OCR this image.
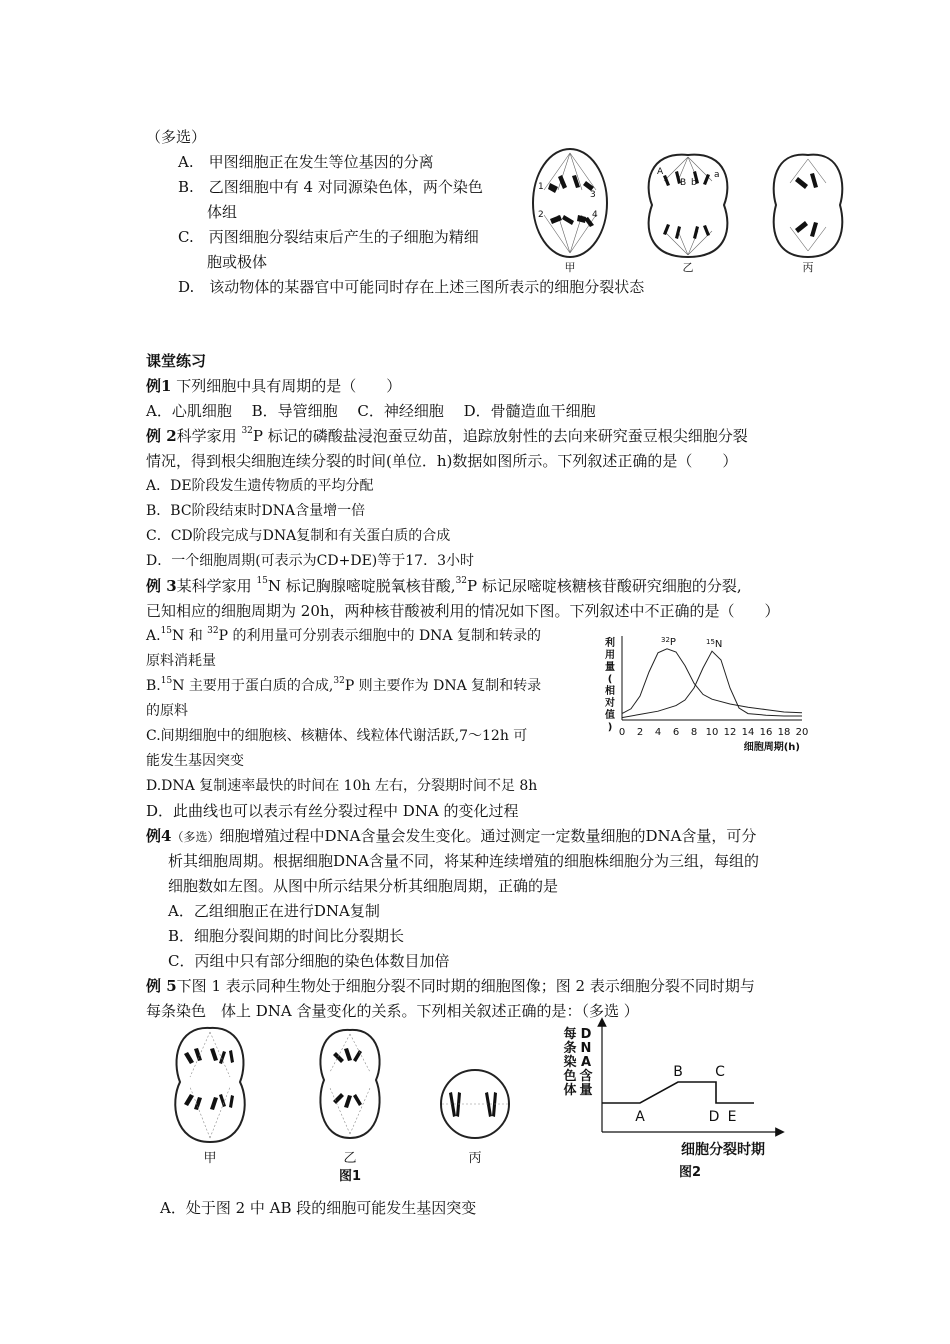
（多选）
A.　甲图细胞正在发生等位基因的分离
B.　乙图细胞中有 4 对同源染色体，两个染色
体组
C.　丙图细胞分裂结束后产生的子细胞为精细
胞或极体
D.　该动物体的某器官中可能同时存在上述三图所表示的细胞分裂状态
1
2
3
4
A
B
a
b
甲	乙	丙
课堂练习
例1 下列细胞中具有周期的是（　　）
A．心肌细胞　 B．导管细胞　 C．神经细胞　 D．骨髓造血干细胞
例 2科学家用 $^{32}$P 标记的磷酸盐浸泡蚕豆幼苗，追踪放射性的去向来研究蚕豆根尖细胞分裂
情况，得到根尖细胞连续分裂的时间(单位．h)数据如图所示。下列叙述正确的是（　　）
A．DE阶段发生遗传物质的平均分配
B．BC阶段结束时DNA含量增一倍
C．CD阶段完成与DNA复制和有关蛋白质的合成
D．一个细胞周期(可表示为CD+DE)等于17．3小时
例 3某科学家用 $^{15}$N 标记胸腺嘧啶脱氧核苷酸,$^{32}$P 标记尿嘧啶核糖核苷酸研究细胞的分裂,
已知相应的细胞周期为 20h，两种核苷酸被利用的情况如下图。下列叙述中不正确的是（　　）
A.$^{15}$N 和 $^{32}$P 的利用量可分别表示细胞中的 DNA 复制和转录的
原料消耗量
B.$^{15}$N 主要用于蛋白质的合成,$^{32}$P 则主要作为 DNA 复制和转录
的原料
C.间期细胞中的细胞核、核糖体、线粒体代谢活跃,7～12h 可
能发生基因突变
D.DNA 复制速率最快的时间在 10h 左右，分裂期时间不足 8h
D．此曲线也可以表示有丝分裂过程中 DNA 的变化过程
利
用
量
(
相
对
值
) 0 2 4 6 8 10 12 14 16 18 20
$^{32}$P	$^{15}$N
细胞周期(h)
例4（多选）细胞增殖过程中DNA含量会发生变化。通过测定一定数量细胞的DNA含量，可分
析其细胞周期。根据细胞DNA含量不同，将某种连续增殖的细胞株细胞分为三组，每组的
细胞数如左图。从图中所示结果分析其细胞周期，正确的是
A．乙组细胞正在进行DNA复制
B．细胞分裂间期的时间比分裂期长
C．丙组中只有部分细胞的染色体数目加倍
例 5下图 1 表示同种生物处于细胞分裂不同时期的细胞图像；图 2 表示细胞分裂不同时期与
每条染色　体上 DNA 含量变化的关系。下列相关叙述正确的是：（多选 ）
甲	乙	丙
图1
每
条
染
色
体
D
N
A
含
量
A
B C
D E
细胞分裂时期
图2
A．处于图 2 中 AB 段的细胞可能发生基因突变
